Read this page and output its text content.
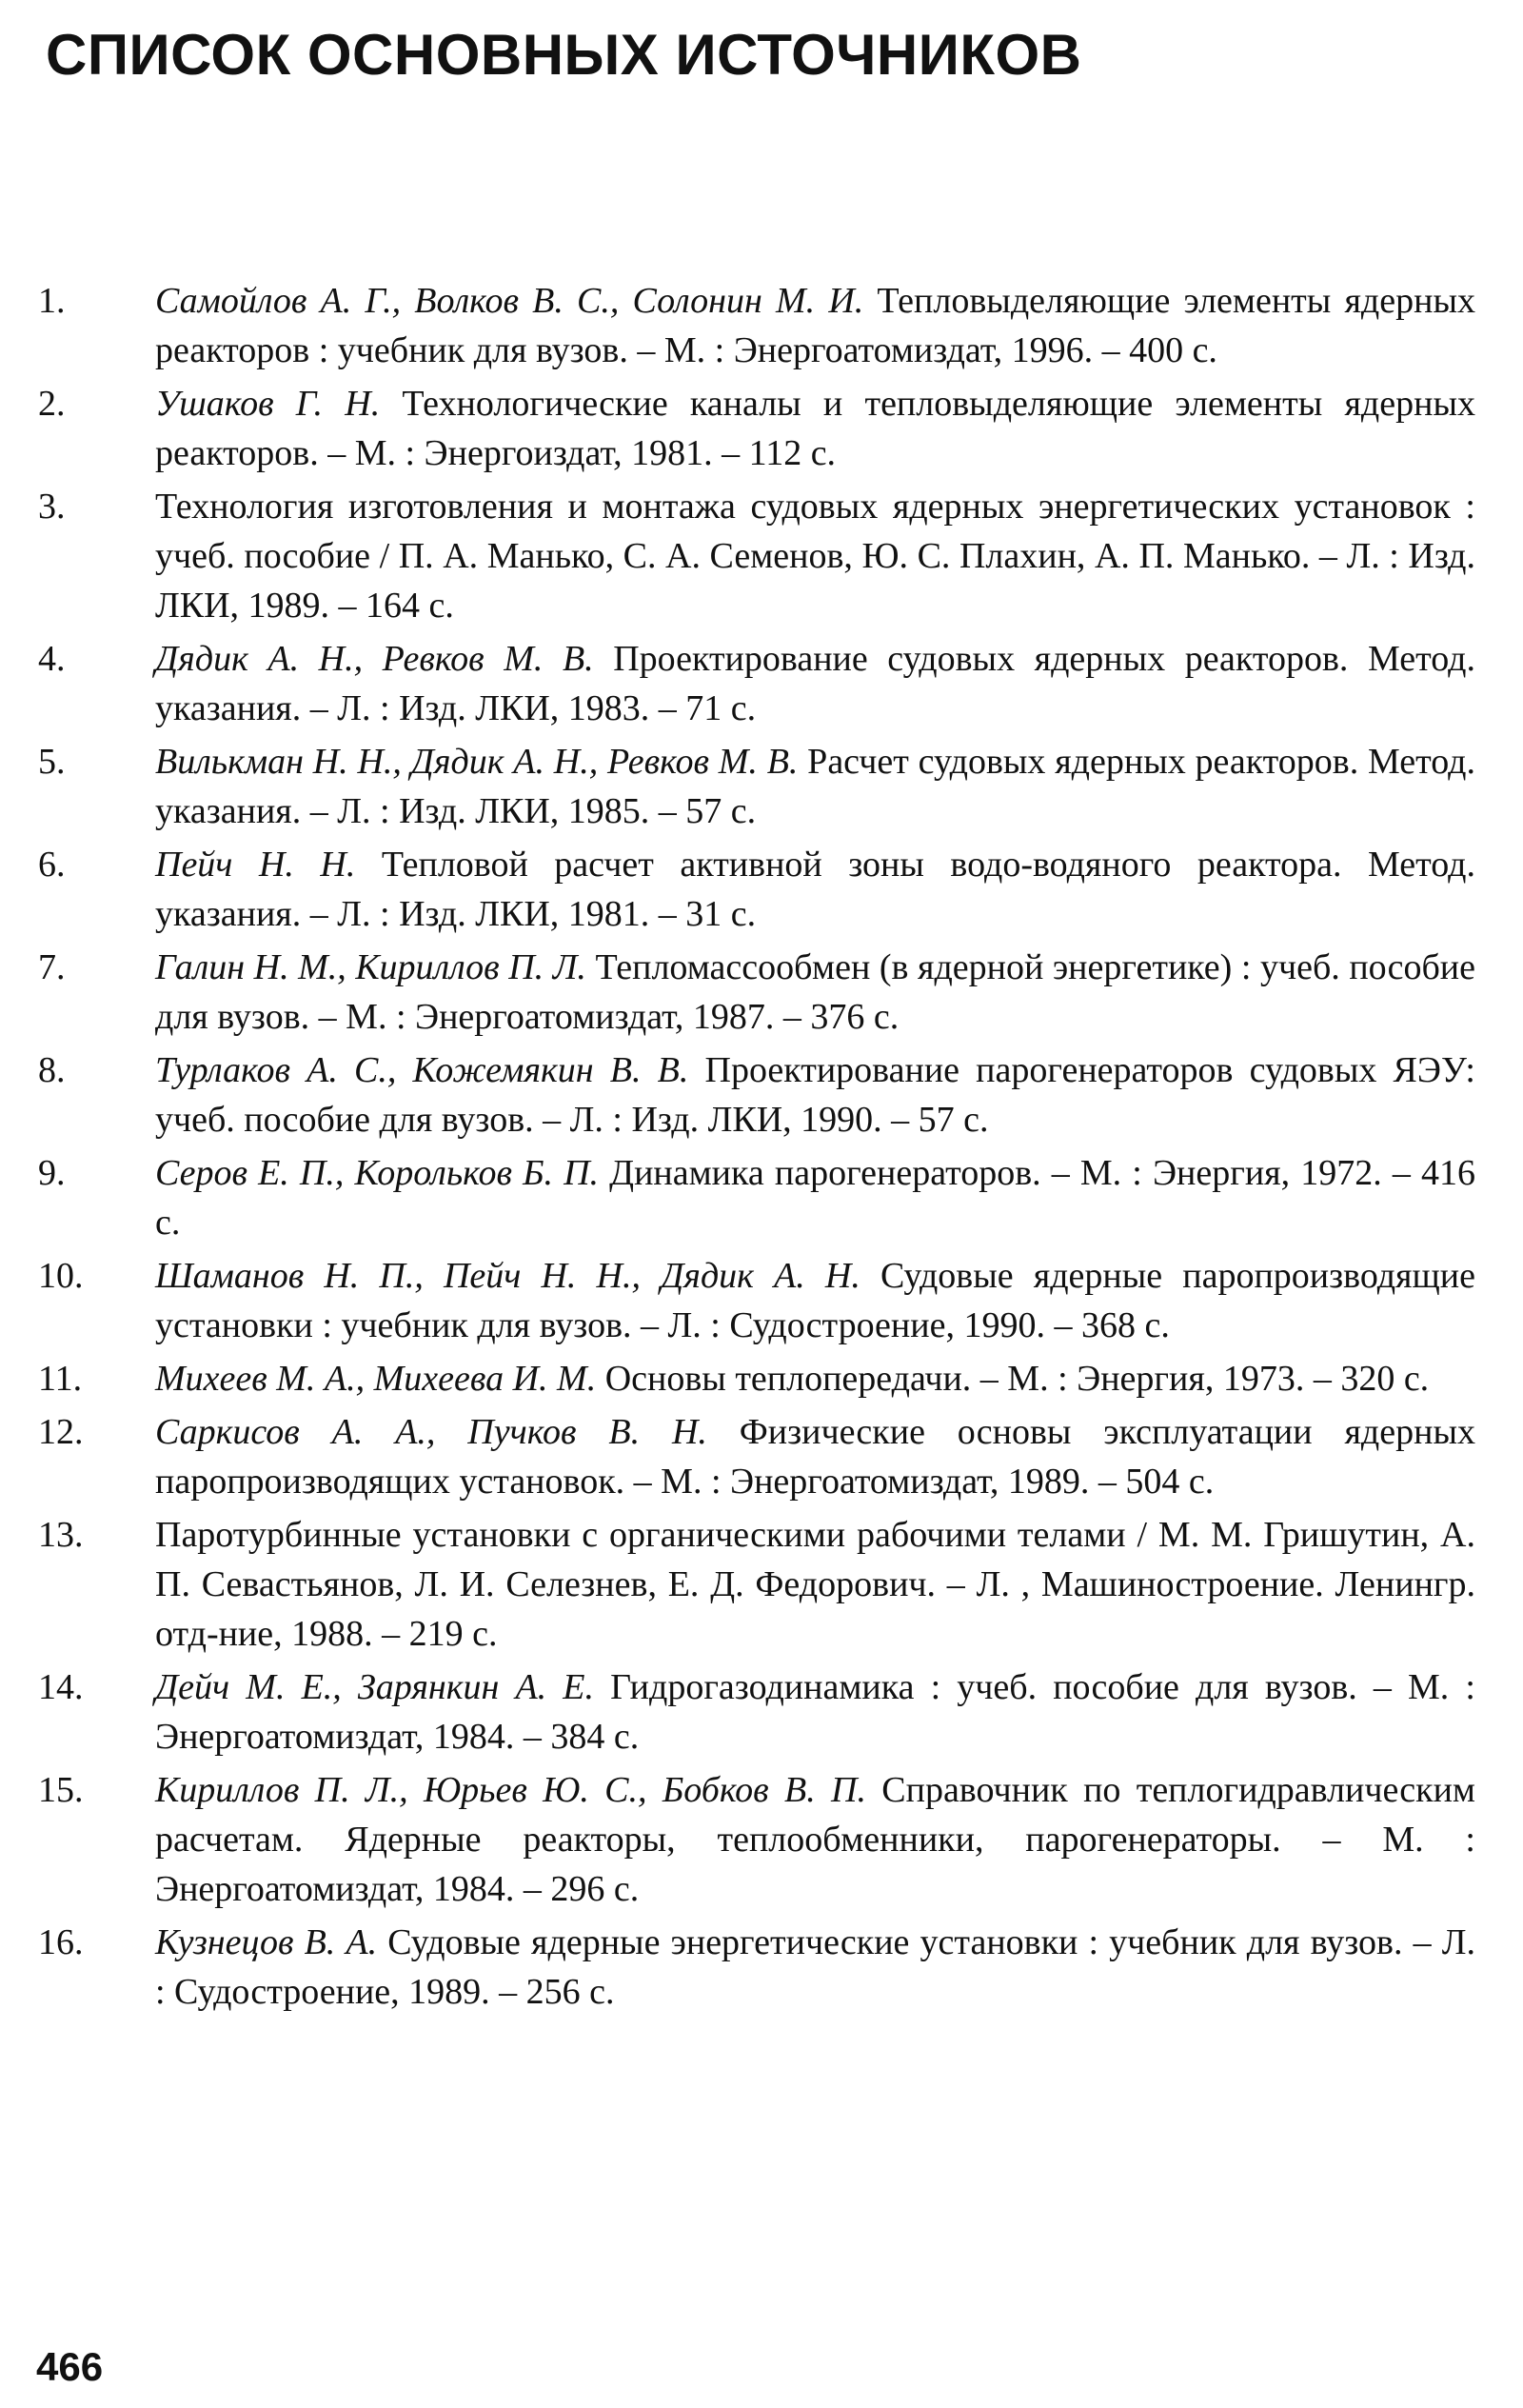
СПИСОК ОСНОВНЫХ ИСТОЧНИКОВ
1. Самойлов А. Г., Волков В. С., Солонин М. И. Тепловыделяющие элементы ядерных реакторов : учебник для вузов. – М. : Энергоатомиздат, 1996. – 400 с.
2. Ушаков Г. Н. Технологические каналы и тепловыделяющие элементы ядерных реакторов. – М. : Энергоиздат, 1981. – 112 с.
3. Технология изготовления и монтажа судовых ядерных энергетических установок : учеб. пособие / П. А. Манько, С. А. Семенов, Ю. С. Плахин, А. П. Манько. – Л. : Изд. ЛКИ, 1989. – 164 с.
4. Дядик А. Н., Ревков М. В. Проектирование судовых ядерных реакторов. Метод. указания. – Л. : Изд. ЛКИ, 1983. – 71 с.
5. Вилькман Н. Н., Дядик А. Н., Ревков М. В. Расчет судовых ядерных реакторов. Метод. указания. – Л. : Изд. ЛКИ, 1985. – 57 с.
6. Пейч Н. Н. Тепловой расчет активной зоны водо-водяного реактора. Метод. указания. – Л. : Изд. ЛКИ, 1981. – 31 с.
7. Галин Н. М., Кириллов П. Л. Тепломассообмен (в ядерной энергетике) : учеб. пособие для вузов. – М. : Энергоатомиздат, 1987. – 376 с.
8. Турлаков А. С., Кожемякин В. В. Проектирование парогенераторов судовых ЯЭУ: учеб. пособие для вузов. – Л. : Изд. ЛКИ, 1990. – 57 с.
9. Серов Е. П., Корольков Б. П. Динамика парогенераторов. – М. : Энергия, 1972. – 416 с.
10. Шаманов Н. П., Пейч Н. Н., Дядик А. Н. Судовые ядерные паропроизводящие установки : учебник для вузов. – Л. : Судостроение, 1990. – 368 с.
11. Михеев М. А., Михеева И. М. Основы теплопередачи. – М. : Энергия, 1973. – 320 с.
12. Саркисов А. А., Пучков В. Н. Физические основы эксплуатации ядерных паропроизводящих установок. – М. : Энергоатомиздат, 1989. – 504 с.
13. Паротурбинные установки с органическими рабочими телами / М. М. Гришутин, А. П. Севастьянов, Л. И. Селезнев, Е. Д. Федорович. – Л. , Машиностроение. Ленингр. отд-ние, 1988. – 219 с.
14. Дейч М. Е., Зарянкин А. Е. Гидрогазодинамика : учеб. пособие для вузов. – М. : Энергоатомиздат, 1984. – 384 с.
15. Кириллов П. Л., Юрьев Ю. С., Бобков В. П. Справочник по теплогидравлическим расчетам. Ядерные реакторы, теплообменники, парогенераторы. – М. : Энергоатомиздат, 1984. – 296 с.
16. Кузнецов В. А. Судовые ядерные энергетические установки : учебник для вузов. – Л. : Судостроение, 1989. – 256 с.
466
